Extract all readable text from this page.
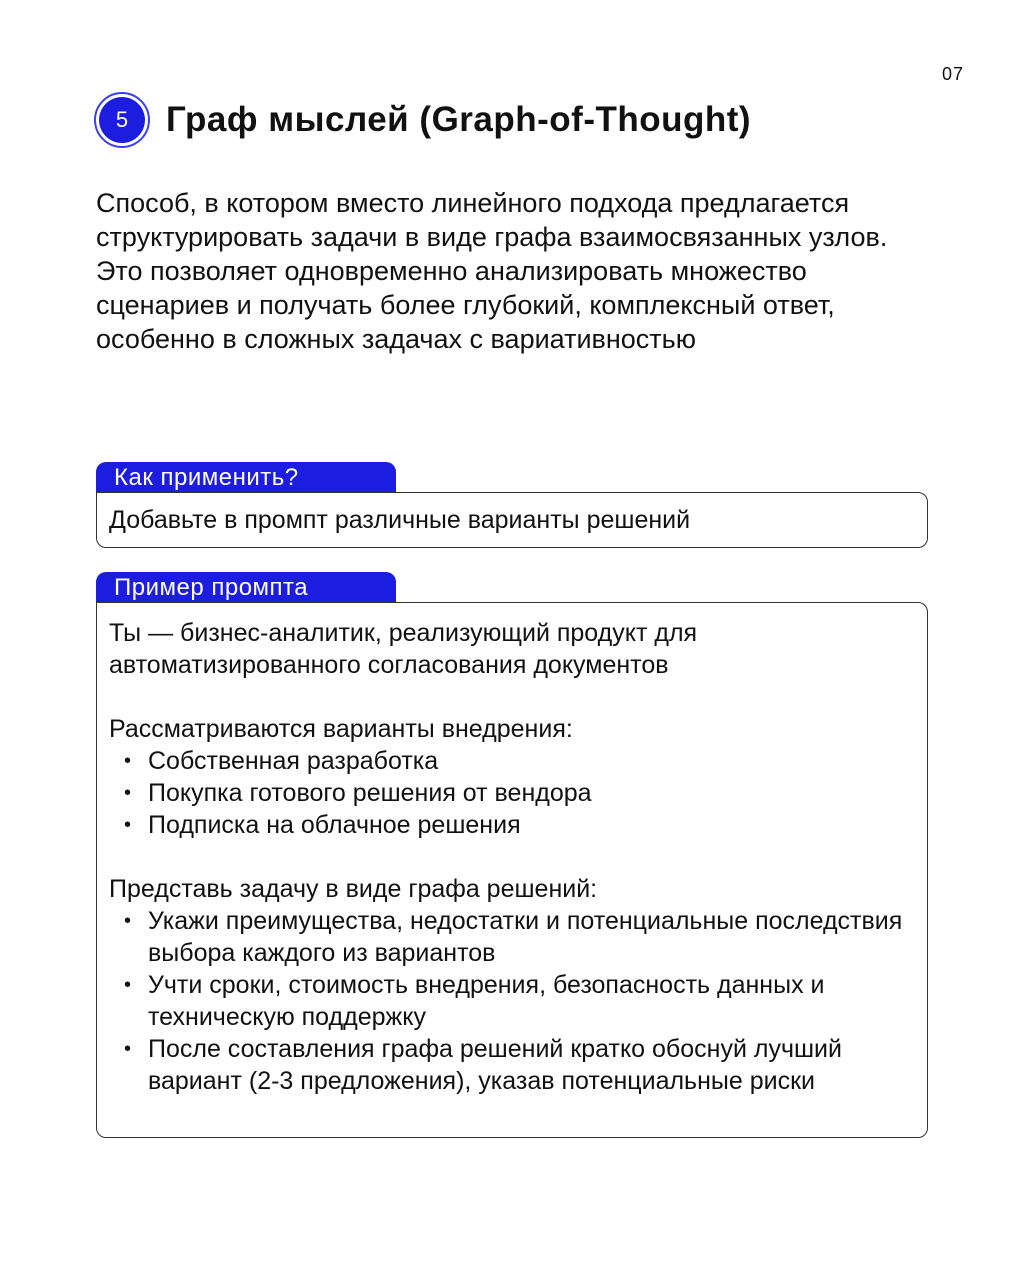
07
5	Граф мыслей (Graph-of-Thought)

Способ, в котором вместо линейного подхода предлагается структурировать задачи в виде графа взаимосвязанных узлов. Это позволяет одновременно анализировать множество сценариев и получать более глубокий, комплексный ответ, особенно в сложных задачах с вариативностью

Как применить?
Добавьте в промпт различные варианты решений
Пример промпта

Ты — бизнес-аналитик, реализующий продукт для автоматизированного согласования документов

Рассматриваются варианты внедрения:

• Собственная разработка
• Покупка готового решения от вендора
• Подписка на облачное решения

Представь задачу в виде графа решений:

• Укажи преимущества, недостатки и потенциальные последствия выбора каждого из вариантов
• Учти сроки, стоимость внедрения, безопасность данных и техническую поддержку
• После составления графа решений кратко обоснуй лучший вариант (2-3 предложения), указав потенциальные риски
